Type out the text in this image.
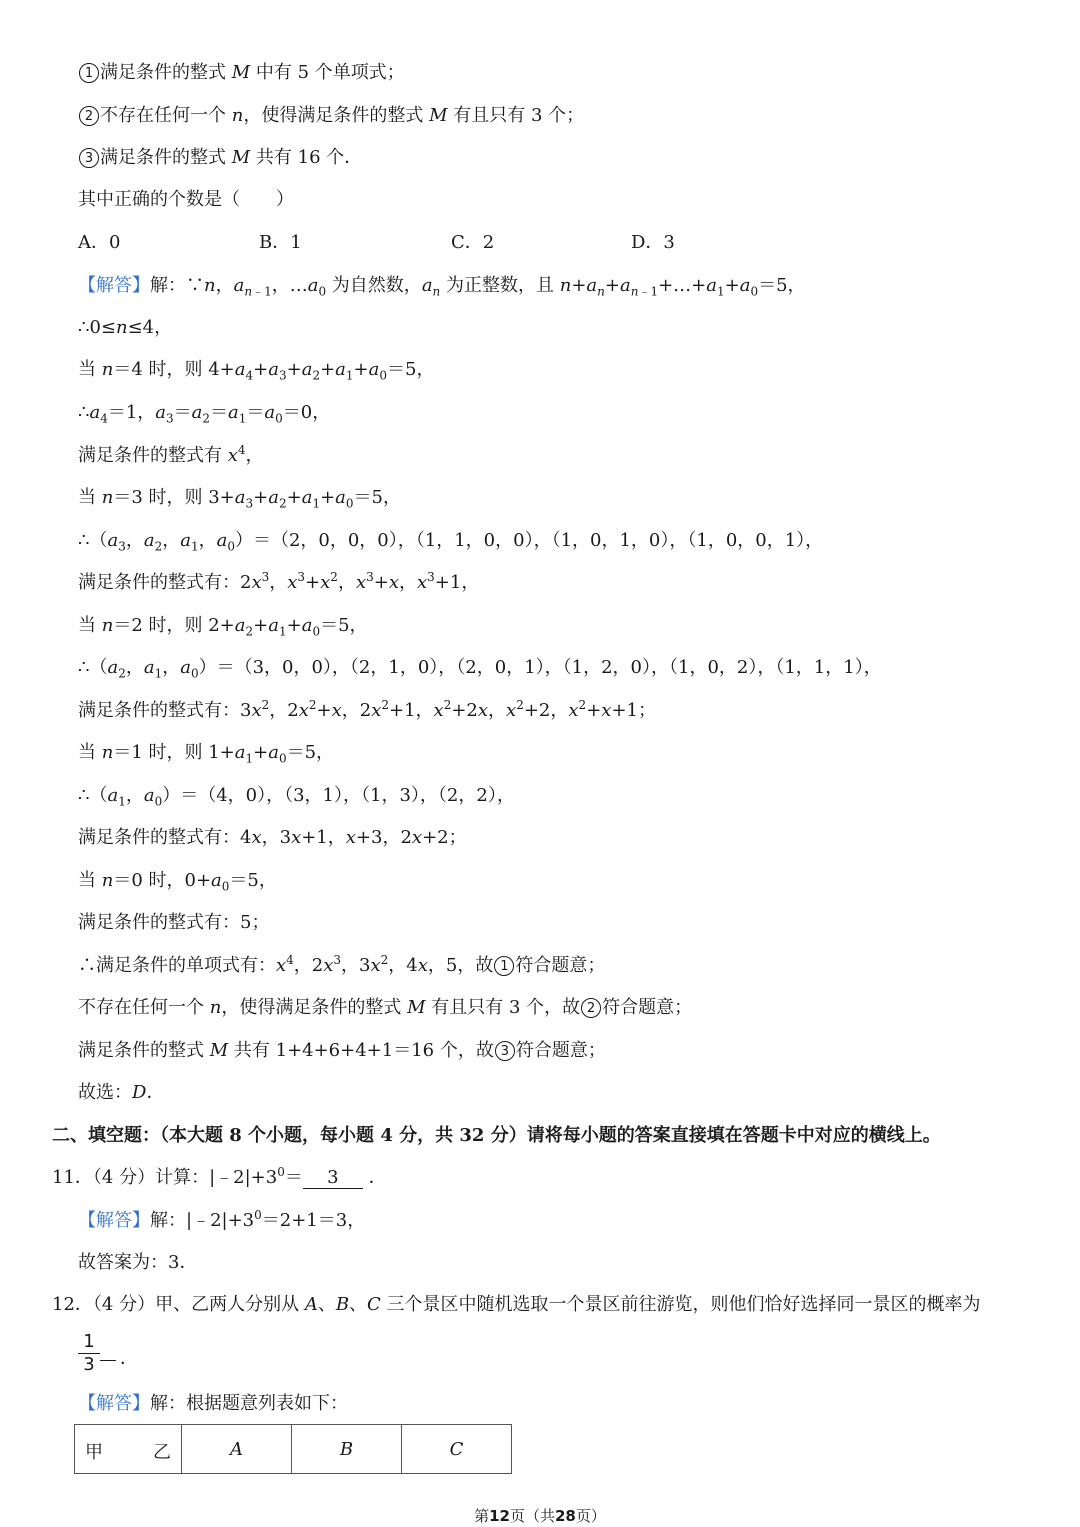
1 满足条件的整式 M 中有 5 个单项式；
2 不存在任何一个 n，使得满足条件的整式 M 有且只有 3 个；
3 满足条件的整式 M 共有 16 个．
其中正确的个数是（　　）
A．0	B．1	C．2	D．3
【解答】解：∵n，$a_{n﹣1}$，$\dots a_0$ 为自然数，$a_n$ 为正整数，且 $n+a_n+a_{n﹣1}+\dots+a_1+a_0=5$，
∴0≤n≤4，
当 n＝4 时，则 $4+a_4+a_3+a_2+a_1+a_0=5$，
$\therefore a_4=1$，$a_3=a_2=a_1=a_0=0$，
满足条件的整式有 $x^4$，
当 n＝3 时，则 $3+a_3+a_2+a_1+a_0=5$，
$\therefore(a_3$，$a_2$，$a_1$，$a_0)=(2$，0，0，0），（1，1，0，0），（1，0，1，0），（1，0，0，1），
满足条件的整式有：$2x^3$，$x^3+x^2$，$x^3+x$，$x^3+1$，
当 n＝2 时，则 $2+a_2+a_1+a_0=5$，
$\therefore(a_2$，$a_1$，$a_0)=(3$，0，0），（2，1，0），（2，0，1），（1，2，0），（1，0，2），（1，1，1），
满足条件的整式有：$3x^2$，$2x^2+x$，$2x^2+1$，$x^2+2x$，$x^2+2$，$x^2+x+1$；
当 n＝1 时，则 $1+a_1+a_0=5$，
$\therefore(a_1$，$a_0)=(4$，0），（3，1），（1，3），（2，2），
满足条件的整式有：4x，3x+1，x+3，2x+2；
当 n＝0 时，$0+a_0=5$，
满足条件的整式有：5；
∴满足条件的单项式有：$x^4$，$2x^3$，$3x^2$，4x，5，故 1 符合题意；
不存在任何一个 n，使得满足条件的整式 M 有且只有 3 个，故 2 符合题意；
满足条件的整式 M 共有 1+4+6+4+1＝16 个，故 3 符合题意；
故选：D．
二、填空题：（本大题 8 个小题，每小题 4 分，共 32 分）请将每小题的答案直接填在答题卡中对应的横线上。
11．（4 分）计算：$|﹣2|+3^0= 3$ ．
【解答】解：$|﹣2|+3^0=2+1=3$，
故答案为：3．
12．（4 分）甲、乙两人分别从 A、B、C 三个景区中随机选取一个景区前往游览，则他们恰好选择同一景区的概率为
1
3 ．
【解答】解：根据题意列表如下：
甲	乙	A	B	C
第12页（共28页）
